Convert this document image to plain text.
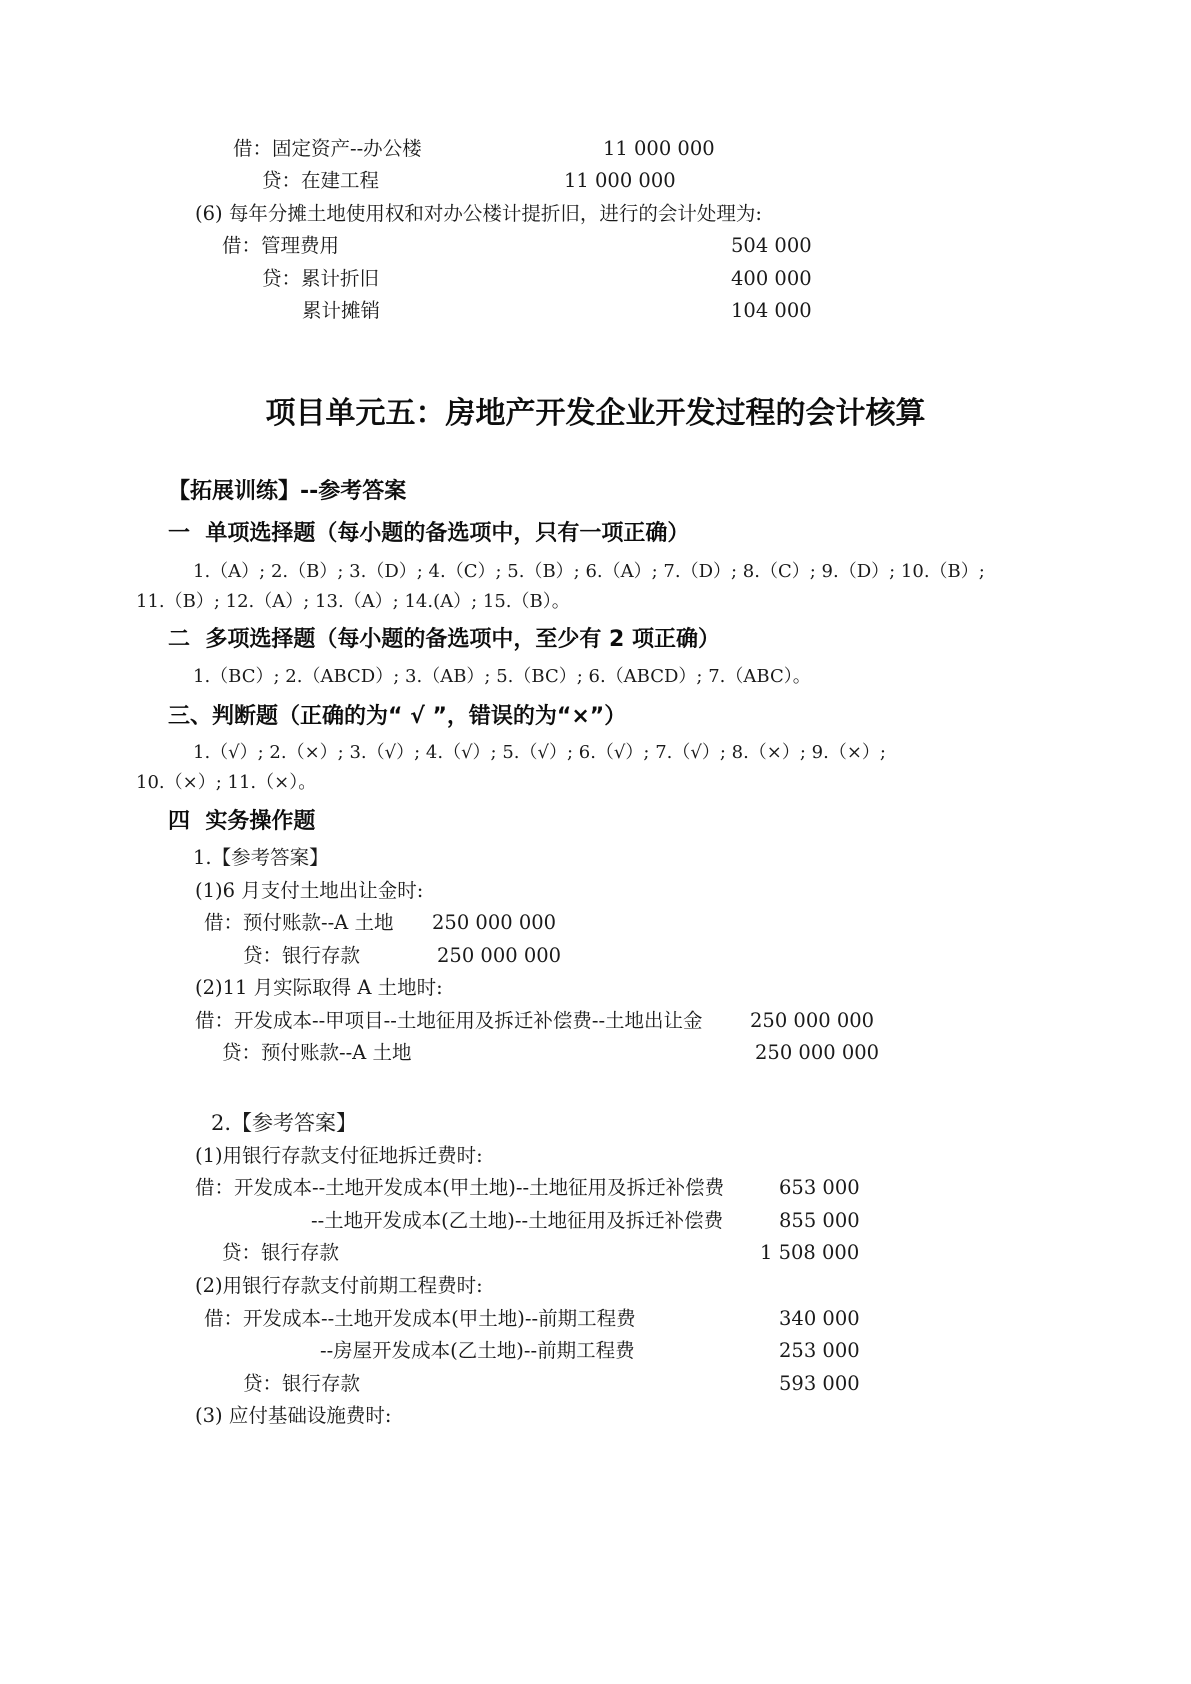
借：固定资产--办公楼	11 000 000
贷：在建工程	11 000 000
(6) 每年分摊土地使用权和对办公楼计提折旧，进行的会计处理为:
借：管理费用	504 000
贷：累计折旧	400 000
累计摊销	104 000
项目单元五：房地产开发企业开发过程的会计核算
【拓展训练】--参考答案
一  单项选择题（每小题的备选项中，只有一项正确）
1.（A）; 2.（B）; 3.（D）; 4.（C）; 5.（B）; 6.（A）; 7.（D）; 8.（C）; 9.（D）; 10.（B）;
11.（B）; 12.（A）; 13.（A）; 14.(A）; 15.（B）。
二  多项选择题（每小题的备选项中，至少有 2 项正确）
1.（BC）; 2.（ABCD）; 3.（AB）; 5.（BC）; 6.（ABCD）; 7.（ABC）。
三、判断题（正确的为“ √ ”，错误的为“×”）
1.（√）; 2.（×）; 3.（√）; 4.（√）; 5.（√）; 6.（√）; 7.（√）; 8.（×）; 9.（×）;
10.（×）; 11.（×）。
四  实务操作题
1.【参考答案】
(1)6 月支付土地出让金时:
借：预付账款--A 土地 250 000 000
贷：银行存款	250 000 000
(2)11 月实际取得 A 土地时:
借：开发成本--甲项目--土地征用及拆迁补偿费--土地出让金 250 000 000
贷：预付账款--A 土地	250 000 000
2.【参考答案】
(1)用银行存款支付征地拆迁费时:
借：开发成本--土地开发成本(甲土地)--土地征用及拆迁补偿费	653 000
--土地开发成本(乙土地)--土地征用及拆迁补偿费	855 000
贷：银行存款	1 508 000
(2)用银行存款支付前期工程费时:
借：开发成本--土地开发成本(甲土地)--前期工程费	340 000
--房屋开发成本(乙土地)--前期工程费	253 000
贷：银行存款	593 000
(3) 应付基础设施费时:
